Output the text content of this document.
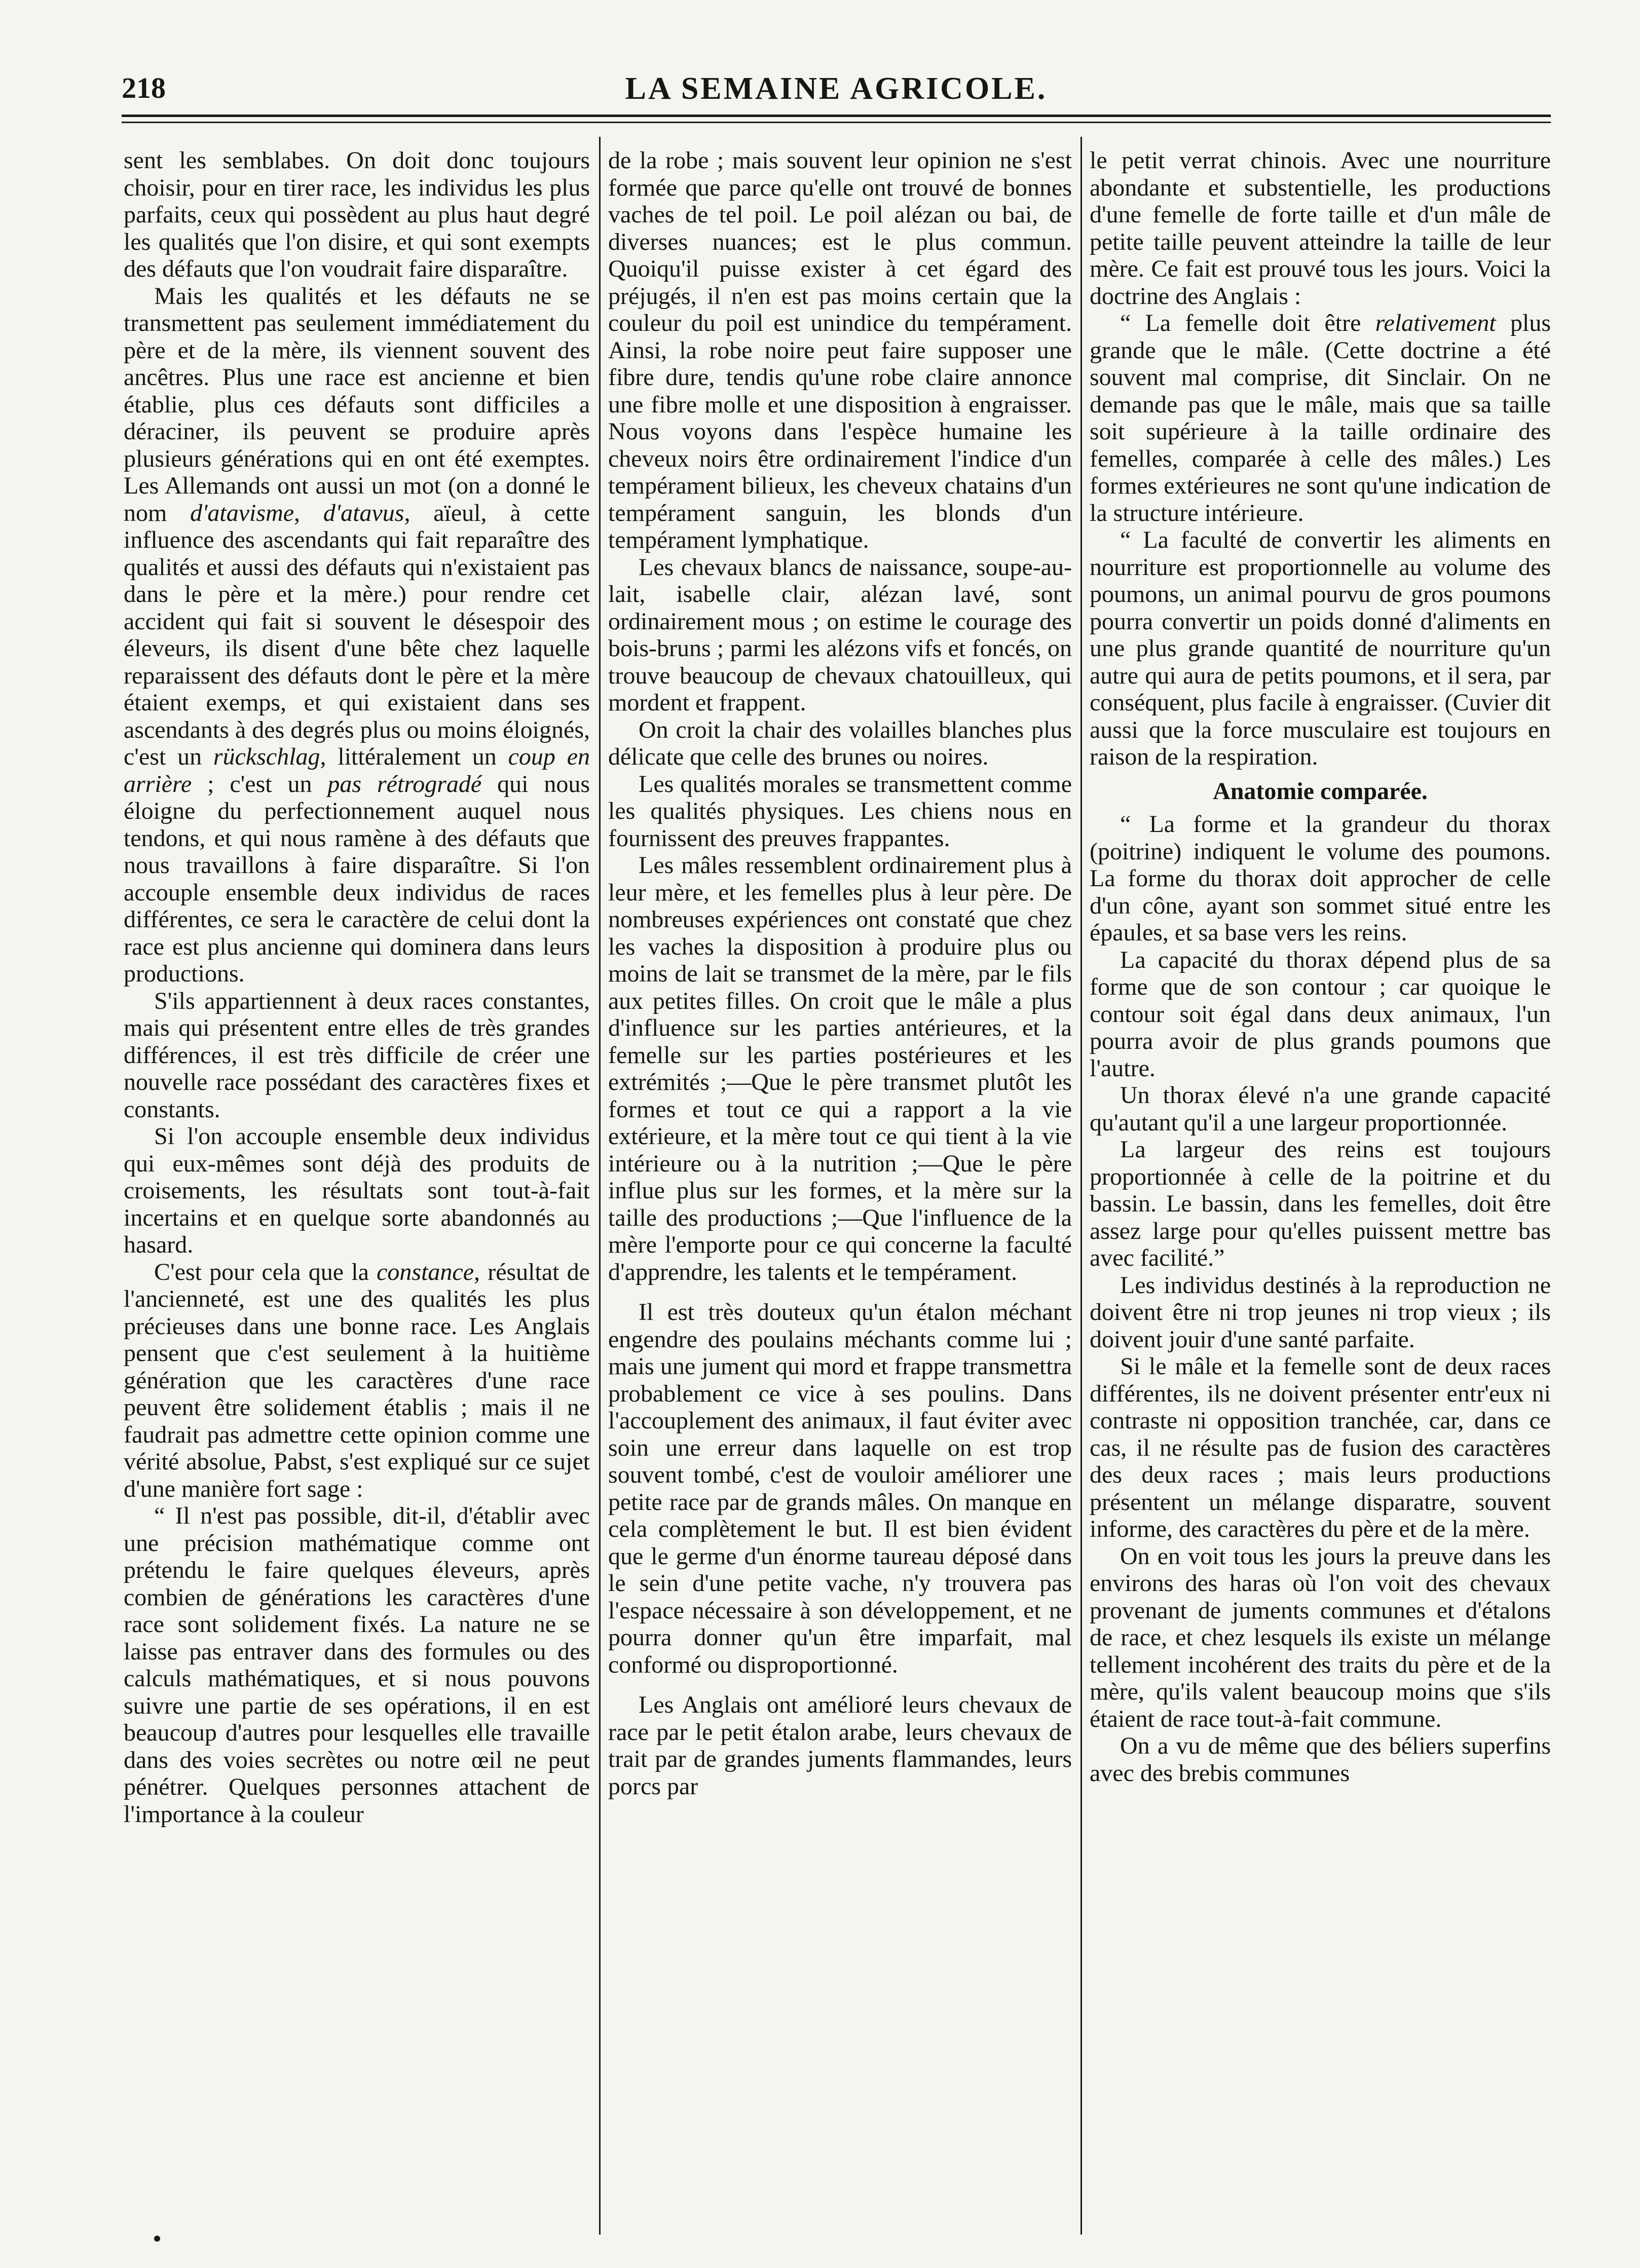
218	LA SEMAINE AGRICOLE.

sent les semblabes. On doit donc toujours choisir, pour en tirer race, les individus les plus parfaits, ceux qui possèdent au plus haut degré les qualités que l'on disire, et qui sont exempts des défauts que l'on voudrait faire disparaître.

Mais les qualités et les défauts ne se transmettent pas seulement immédiatement du père et de la mère, ils viennent souvent des ancêtres. Plus une race est ancienne et bien établie, plus ces défauts sont difficiles a déraciner, ils peuvent se produire après plusieurs générations qui en ont été exemptes. Les Allemands ont aussi un mot (on a donné le nom d'atavisme, d'atavus, aïeul, à cette influence des ascendants qui fait reparaître des qualités et aussi des défauts qui n'existaient pas dans le père et la mère.) pour rendre cet accident qui fait si souvent le désespoir des éleveurs, ils disent d'une bête chez laquelle reparaissent des défauts dont le père et la mère étaient exemps, et qui existaient dans ses ascendants à des degrés plus ou moins éloignés, c'est un rückschlag, littéralement un coup en arrière ; c'est un pas rétrogradé qui nous éloigne du perfectionnement auquel nous tendons, et qui nous ramène à des défauts que nous travaillons à faire disparaître. Si l'on accouple ensemble deux individus de races différentes, ce sera le caractère de celui dont la race est plus ancienne qui dominera dans leurs productions.

S'ils appartiennent à deux races constantes, mais qui présentent entre elles de très grandes différences, il est très difficile de créer une nouvelle race possédant des caractères fixes et constants.

Si l'on accouple ensemble deux individus qui eux-mêmes sont déjà des produits de croisements, les résultats sont tout-à-fait incertains et en quelque sorte abandonnés au hasard.

C'est pour cela que la constance, résultat de l'ancienneté, est une des qualités les plus précieuses dans une bonne race. Les Anglais pensent que c'est seulement à la huitième génération que les caractères d'une race peuvent être solidement établis ; mais il ne faudrait pas admettre cette opinion comme une vérité absolue, Pabst, s'est expliqué sur ce sujet d'une manière fort sage :

“ Il n'est pas possible, dit-il, d'établir avec une précision mathématique comme ont prétendu le faire quelques éleveurs, après combien de générations les caractères d'une race sont solidement fixés. La nature ne se laisse pas entraver dans des formules ou des calculs mathématiques, et si nous pouvons suivre une partie de ses opérations, il en est beaucoup d'autres pour lesquelles elle travaille dans des voies secrètes ou notre œil ne peut pénétrer. Quelques personnes attachent de l'importance à la couleur

de la robe ; mais souvent leur opinion ne s'est formée que parce qu'elle ont trouvé de bonnes vaches de tel poil. Le poil alézan ou bai, de diverses nuances; est le plus commun. Quoiqu'il puisse exister à cet égard des préjugés, il n'en est pas moins certain que la couleur du poil est unindice du tempérament. Ainsi, la robe noire peut faire supposer une fibre dure, tendis qu'une robe claire annonce une fibre molle et une disposition à engraisser. Nous voyons dans l'espèce humaine les cheveux noirs être ordinairement l'indice d'un tempérament bilieux, les cheveux chatains d'un tempérament sanguin, les blonds d'un tempérament lymphatique.

Les chevaux blancs de naissance, soupe-au-lait, isabelle clair, alézan lavé, sont ordinairement mous ; on estime le courage des bois-bruns ; parmi les alézons vifs et foncés, on trouve beaucoup de chevaux chatouilleux, qui mordent et frappent.

On croit la chair des volailles blanches plus délicate que celle des brunes ou noires.

Les qualités morales se transmettent comme les qualités physiques. Les chiens nous en fournissent des preuves frappantes.

Les mâles ressemblent ordinairement plus à leur mère, et les femelles plus à leur père. De nombreuses expériences ont constaté que chez les vaches la disposition à produire plus ou moins de lait se transmet de la mère, par le fils aux petites filles. On croit que le mâle a plus d'influence sur les parties antérieures, et la femelle sur les parties postérieures et les extrémités ;—Que le père transmet plutôt les formes et tout ce qui a rapport a la vie extérieure, et la mère tout ce qui tient à la vie intérieure ou à la nutrition ;—Que le père influe plus sur les formes, et la mère sur la taille des productions ;—Que l'influence de la mère l'emporte pour ce qui concerne la faculté d'apprendre, les talents et le tempérament.

Il est très douteux qu'un étalon méchant engendre des poulains méchants comme lui ; mais une jument qui mord et frappe transmettra probablement ce vice à ses poulins. Dans l'accouplement des animaux, il faut éviter avec soin une erreur dans laquelle on est trop souvent tombé, c'est de vouloir améliorer une petite race par de grands mâles. On manque en cela complètement le but. Il est bien évident que le germe d'un énorme taureau déposé dans le sein d'une petite vache, n'y trouvera pas l'espace nécessaire à son développement, et ne pourra donner qu'un être imparfait, mal conformé ou disproportionné.

Les Anglais ont amélioré leurs chevaux de race par le petit étalon arabe, leurs chevaux de trait par de grandes juments flammandes, leurs porcs par

le petit verrat chinois. Avec une nourriture abondante et substentielle, les productions d'une femelle de forte taille et d'un mâle de petite taille peuvent atteindre la taille de leur mère. Ce fait est prouvé tous les jours. Voici la doctrine des Anglais :

“ La femelle doit être relativement plus grande que le mâle. (Cette doctrine a été souvent mal comprise, dit Sinclair. On ne demande pas que le mâle, mais que sa taille soit supérieure à la taille ordinaire des femelles, comparée à celle des mâles.) Les formes extérieures ne sont qu'une indication de la structure intérieure.

“ La faculté de convertir les aliments en nourriture est proportionnelle au volume des poumons, un animal pourvu de gros poumons pourra convertir un poids donné d'aliments en une plus grande quantité de nourriture qu'un autre qui aura de petits poumons, et il sera, par conséquent, plus facile à engraisser. (Cuvier dit aussi que la force musculaire est toujours en raison de la respiration.

Anatomie comparée.

“ La forme et la grandeur du thorax (poitrine) indiquent le volume des poumons. La forme du thorax doit approcher de celle d'un cône, ayant son sommet situé entre les épaules, et sa base vers les reins.

La capacité du thorax dépend plus de sa forme que de son contour ; car quoique le contour soit égal dans deux animaux, l'un pourra avoir de plus grands poumons que l'autre.

Un thorax élevé n'a une grande capacité qu'autant qu'il a une largeur proportionnée.

La largeur des reins est toujours proportionnée à celle de la poitrine et du bassin. Le bassin, dans les femelles, doit être assez large pour qu'elles puissent mettre bas avec facilité.”

Les individus destinés à la reproduction ne doivent être ni trop jeunes ni trop vieux ; ils doivent jouir d'une santé parfaite.

Si le mâle et la femelle sont de deux races différentes, ils ne doivent présenter entr'eux ni contraste ni opposition tranchée, car, dans ce cas, il ne résulte pas de fusion des caractères des deux races ; mais leurs productions présentent un mélange disparatre, souvent informe, des caractères du père et de la mère.

On en voit tous les jours la preuve dans les environs des haras où l'on voit des chevaux provenant de juments communes et d'étalons de race, et chez lesquels ils existe un mélange tellement incohérent des traits du père et de la mère, qu'ils valent beaucoup moins que s'ils étaient de race tout-à-fait commune.

On a vu de même que des béliers superfins avec des brebis communes
